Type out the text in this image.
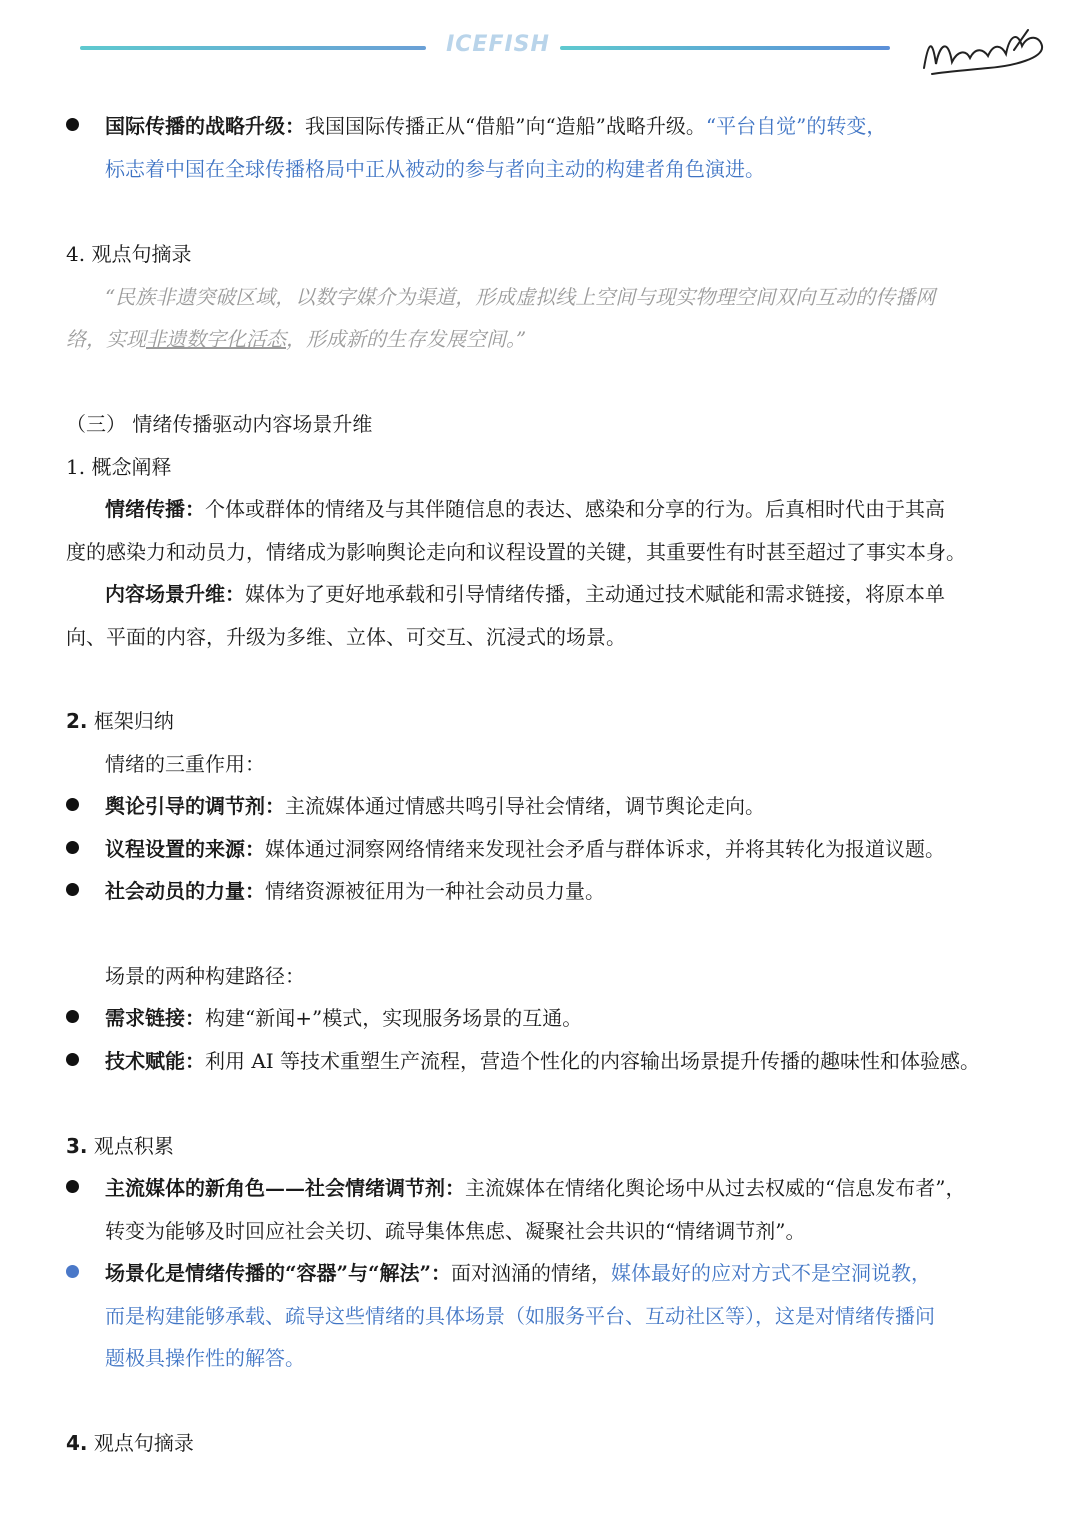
ICEFISH
国际传播的战略升级：我国国际传播正从“借船”向“造船”战略升级。“平台自觉”的转变，
标志着中国在全球传播格局中正从被动的参与者向主动的构建者角色演进。
4. 观点句摘录
“民族非遗突破区域，以数字媒介为渠道，形成虚拟线上空间与现实物理空间双向互动的传播网
络，实现非遗数字化活态，形成新的生存发展空间。”
（三） 情绪传播驱动内容场景升维
1. 概念阐释
情绪传播：个体或群体的情绪及与其伴随信息的表达、感染和分享的行为。后真相时代由于其高
度的感染力和动员力，情绪成为影响舆论走向和议程设置的关键，其重要性有时甚至超过了事实本身。
内容场景升维：媒体为了更好地承载和引导情绪传播，主动通过技术赋能和需求链接，将原本单
向、平面的内容，升级为多维、立体、可交互、沉浸式的场景。
2. 框架归纳
情绪的三重作用：
舆论引导的调节剂：主流媒体通过情感共鸣引导社会情绪，调节舆论走向。
议程设置的来源：媒体通过洞察网络情绪来发现社会矛盾与群体诉求，并将其转化为报道议题。
社会动员的力量：情绪资源被征用为一种社会动员力量。
场景的两种构建路径：
需求链接：构建“新闻+”模式，实现服务场景的互通。
技术赋能：利用 AI 等技术重塑生产流程，营造个性化的内容输出场景提升传播的趣味性和体验感。
3. 观点积累
主流媒体的新角色——社会情绪调节剂：主流媒体在情绪化舆论场中从过去权威的“信息发布者”，
转变为能够及时回应社会关切、疏导集体焦虑、凝聚社会共识的“情绪调节剂”。
场景化是情绪传播的“容器”与“解法”：面对汹涌的情绪，媒体最好的应对方式不是空洞说教，
而是构建能够承载、疏导这些情绪的具体场景（如服务平台、互动社区等），这是对情绪传播问
题极具操作性的解答。
4. 观点句摘录
